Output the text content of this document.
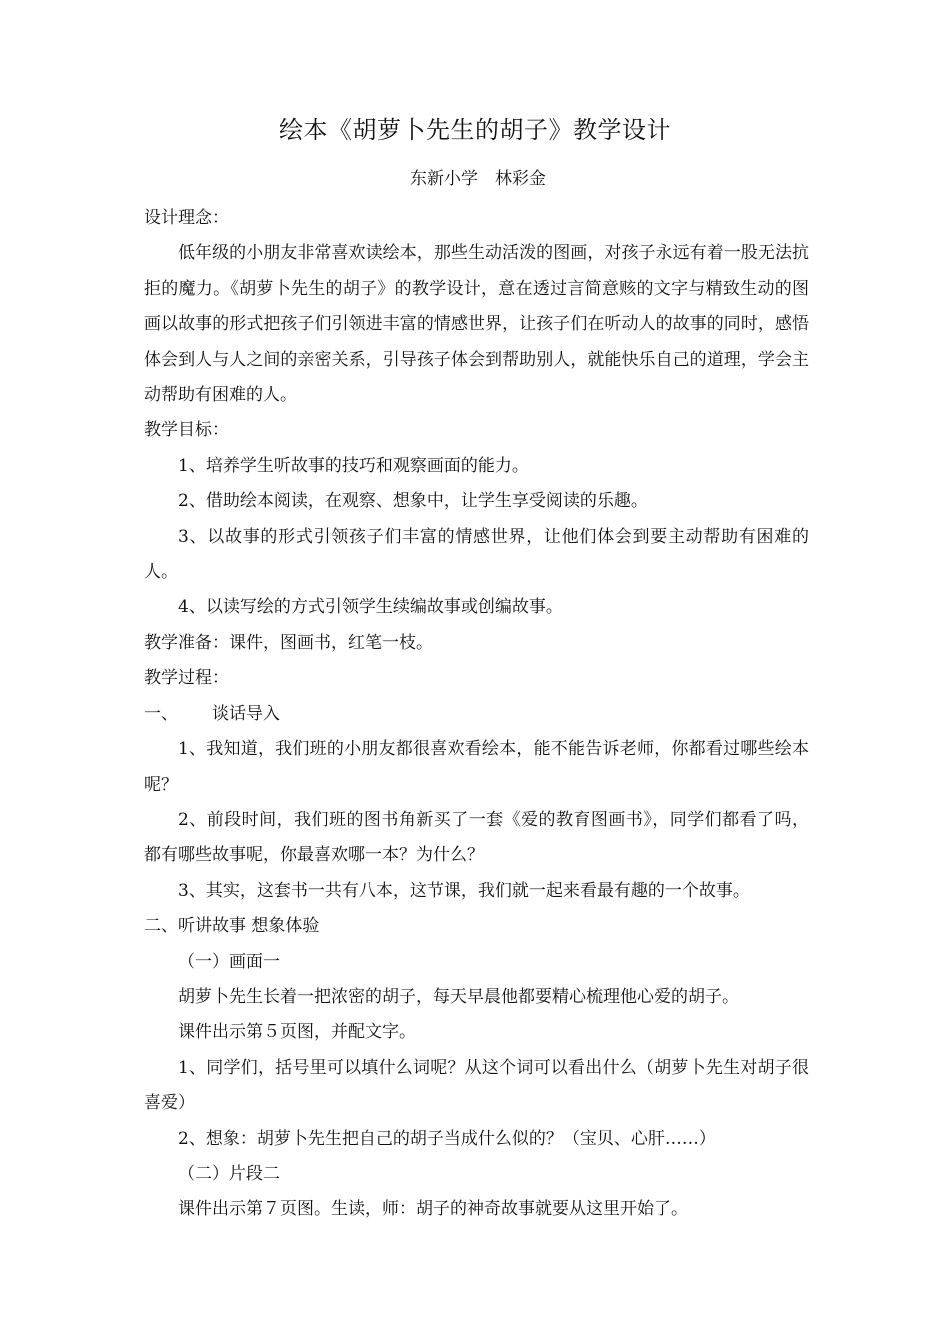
绘本《胡萝卜先生的胡子》教学设计
东新小学　林彩金

设计理念：

低年级的小朋友非常喜欢读绘本，那些生动活泼的图画，对孩子永远有着一股无法抗拒的魔力。《胡萝卜先生的胡子》的教学设计，意在透过言简意赅的文字与精致生动的图画以故事的形式把孩子们引领进丰富的情感世界，让孩子们在听动人的故事的同时，感悟体会到人与人之间的亲密关系，引导孩子体会到帮助别人，就能快乐自己的道理，学会主动帮助有困难的人。

教学目标：

1、培养学生听故事的技巧和观察画面的能力。

2、借助绘本阅读，在观察、想象中，让学生享受阅读的乐趣。

3、以故事的形式引领孩子们丰富的情感世界，让他们体会到要主动帮助有困难的人。

4、以读写绘的方式引领学生续编故事或创编故事。

教学准备：课件，图画书，红笔一枝。

教学过程：

一、 谈话导入

1、我知道，我们班的小朋友都很喜欢看绘本，能不能告诉老师，你都看过哪些绘本呢？

2、前段时间，我们班的图书角新买了一套《爱的教育图画书》，同学们都看了吗，都有哪些故事呢，你最喜欢哪一本？为什么？

3、其实，这套书一共有八本，这节课，我们就一起来看最有趣的一个故事。

二、听讲故事 想象体验

（一）画面一

胡萝卜先生长着一把浓密的胡子，每天早晨他都要精心梳理他心爱的胡子。

课件出示第５页图，并配文字。

1、同学们，括号里可以填什么词呢？从这个词可以看出什么（胡萝卜先生对胡子很喜爱）

2、想象：胡萝卜先生把自己的胡子当成什么似的？（宝贝、心肝……）

（二）片段二

课件出示第７页图。生读，师：胡子的神奇故事就要从这里开始了。
